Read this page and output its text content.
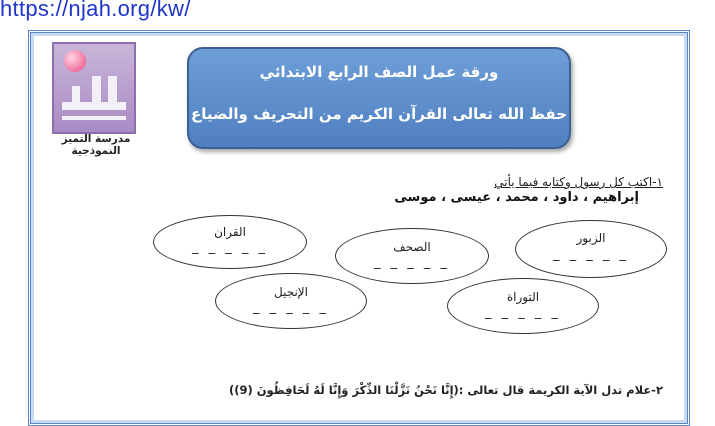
https://njah.org/kw/
مدرسة التميز النموذجية
ورقة عمل الصف الرابع الابتدائي
حفظ الله تعالى القرآن الكريم من التحريف والضياع
١-اكتب كل رسول وكتابه فيما يأتي
إبراهيم ، داود ، محمد ، عيسى ، موسى
القران
_ _ _ _ _	الصحف
_ _ _ _ _
الزبور
_ _ _ _ _
الإنجيل
_ _ _ _ _
التوراة
_ _ _ _ _
٢-علام تدل الآية الكريمة قال تعالى :(إِنَّا نَحْنُ نَزَّلْنَا الذِّكْرَ وَإِنَّا لَهُ لَحَافِظُونَ (9))
